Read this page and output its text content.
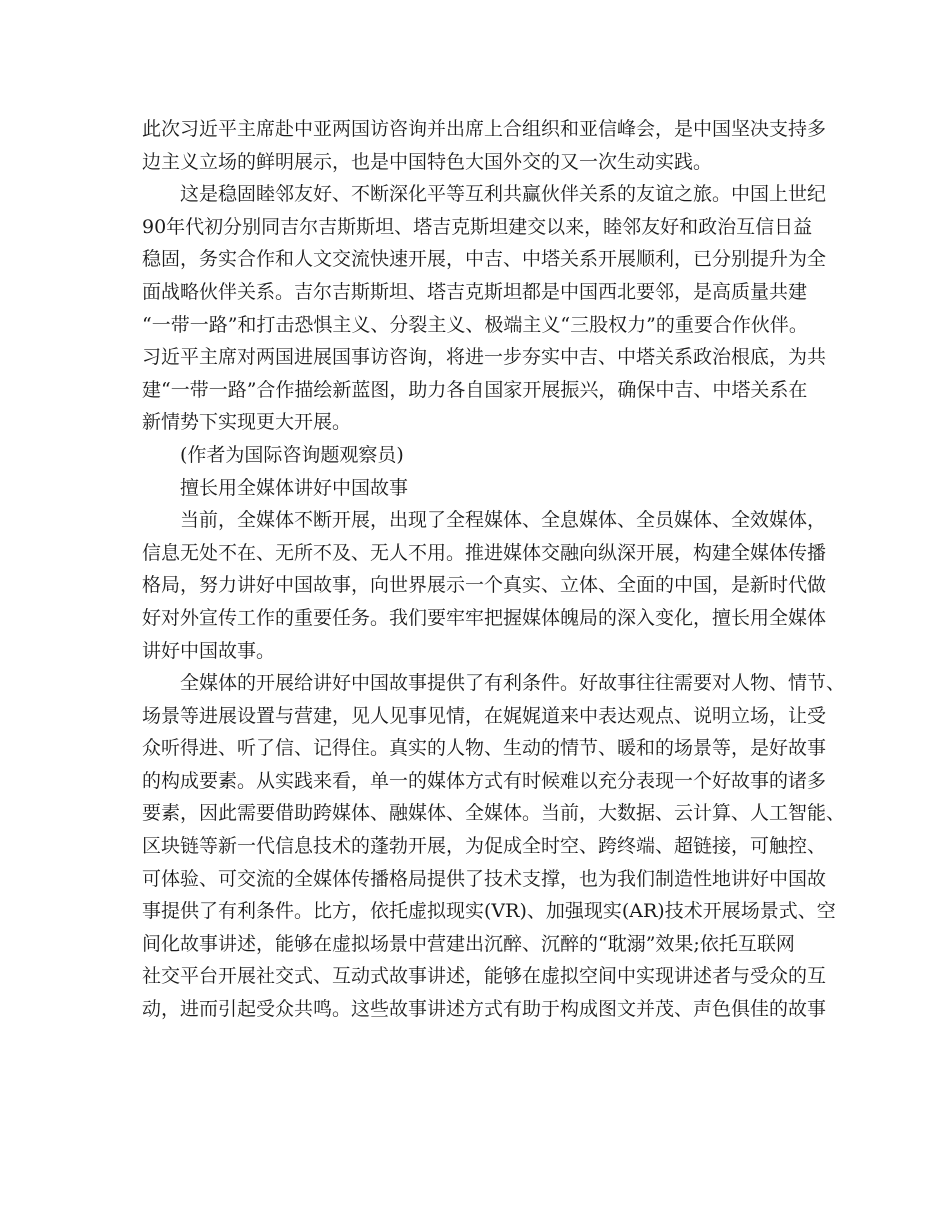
此次习近平主席赴中亚两国访咨询并出席上合组织和亚信峰会，是中国坚决支持多
边主义立场的鲜明展示，也是中国特色大国外交的又一次生动实践。
这是稳固睦邻友好、不断深化平等互利共赢伙伴关系的友谊之旅。中国上世纪
90年代初分别同吉尔吉斯斯坦、塔吉克斯坦建交以来，睦邻友好和政治互信日益
稳固，务实合作和人文交流快速开展，中吉、中塔关系开展顺利，已分别提升为全
面战略伙伴关系。吉尔吉斯斯坦、塔吉克斯坦都是中国西北要邻，是高质量共建
“一带一路”和打击恐惧主义、分裂主义、极端主义“三股权力”的重要合作伙伴。
习近平主席对两国进展国事访咨询，将进一步夯实中吉、中塔关系政治根底，为共
建“一带一路”合作描绘新蓝图，助力各自国家开展振兴，确保中吉、中塔关系在
新情势下实现更大开展。
(作者为国际咨询题观察员)
擅长用全媒体讲好中国故事
当前，全媒体不断开展，出现了全程媒体、全息媒体、全员媒体、全效媒体，
信息无处不在、无所不及、无人不用。推进媒体交融向纵深开展，构建全媒体传播
格局，努力讲好中国故事，向世界展示一个真实、立体、全面的中国，是新时代做
好对外宣传工作的重要任务。我们要牢牢把握媒体魄局的深入变化，擅长用全媒体
讲好中国故事。
全媒体的开展给讲好中国故事提供了有利条件。好故事往往需要对人物、情节、
场景等进展设置与营建，见人见事见情，在娓娓道来中表达观点、说明立场，让受
众听得进、听了信、记得住。真实的人物、生动的情节、暖和的场景等，是好故事
的构成要素。从实践来看，单一的媒体方式有时候难以充分表现一个好故事的诸多
要素，因此需要借助跨媒体、融媒体、全媒体。当前，大数据、云计算、人工智能、
区块链等新一代信息技术的蓬勃开展，为促成全时空、跨终端、超链接，可触控、
可体验、可交流的全媒体传播格局提供了技术支撑，也为我们制造性地讲好中国故
事提供了有利条件。比方，依托虚拟现实(VR)、加强现实(AR)技术开展场景式、空
间化故事讲述，能够在虚拟场景中营建出沉醉、沉醉的“耽溺”效果;依托互联网
社交平台开展社交式、互动式故事讲述，能够在虚拟空间中实现讲述者与受众的互
动，进而引起受众共鸣。这些故事讲述方式有助于构成图文并茂、声色俱佳的故事
